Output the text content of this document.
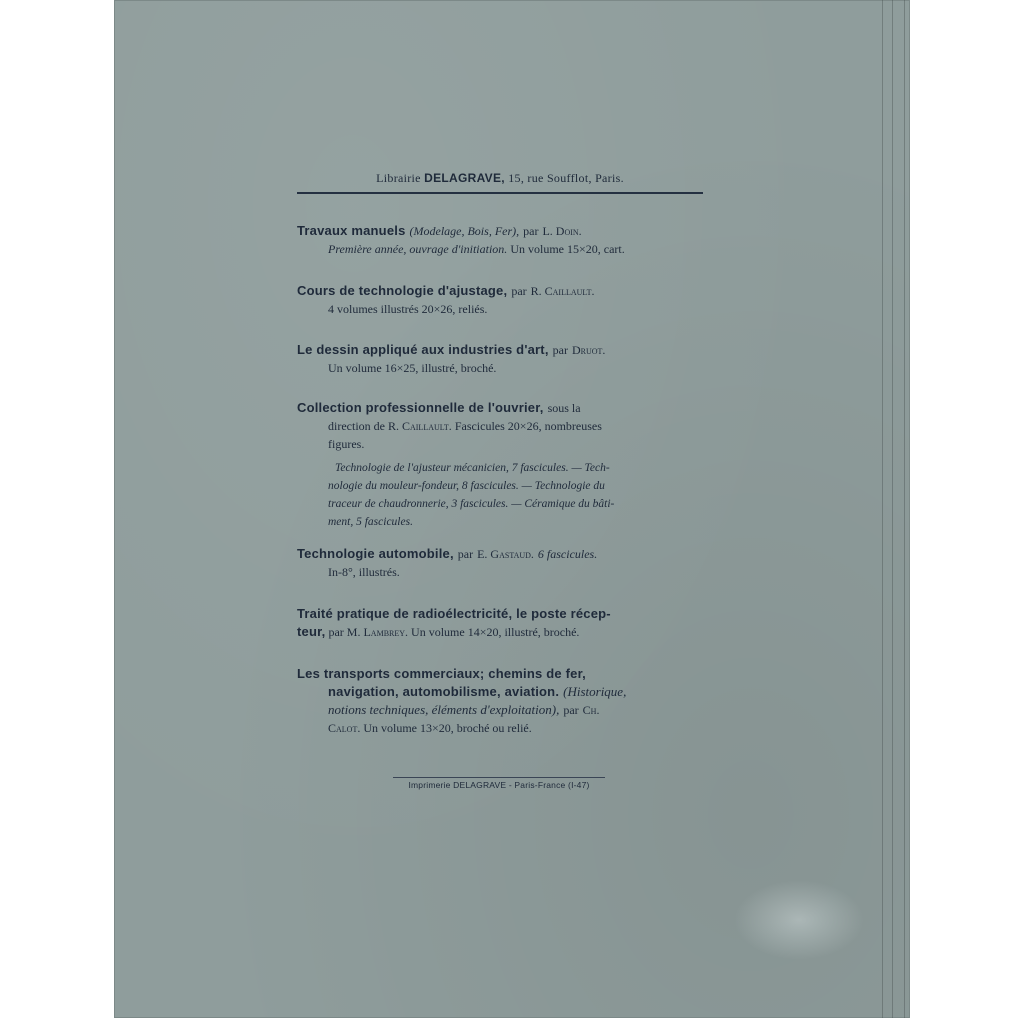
Librairie DELAGRAVE, 15, rue Soufflot, Paris.
Travaux manuels (Modelage, Bois, Fer), par L. Doin.
Première année, ouvrage d'initiation. Un volume 15×20, cart.
Cours de technologie d'ajustage, par R. Caillault.
4 volumes illustrés 20×26, reliés.
Le dessin appliqué aux industries d'art, par Druot.
Un volume 16×25, illustré, broché.
Collection professionnelle de l'ouvrier, sous la
direction de R. Caillault. Fascicules 20×26, nombreuses
figures.
Technologie de l'ajusteur mécanicien, 7 fascicules. — Tech-
nologie du mouleur-fondeur, 8 fascicules. — Technologie du
traceur de chaudronnerie, 3 fascicules. — Céramique du bâti-
ment, 5 fascicules.
Technologie automobile, par E. Gastaud. 6 fascicules.
In-8°, illustrés.
Traité pratique de radioélectricité, le poste récep-
teur, par M. Lambrey. Un volume 14×20, illustré, broché.
Les transports commerciaux; chemins de fer,
navigation, automobilisme, aviation. (Historique,
notions techniques, éléments d'exploitation), par Ch.
Calot. Un volume 13×20, broché ou relié.
Imprimerie DELAGRAVE - Paris-France (I-47)
